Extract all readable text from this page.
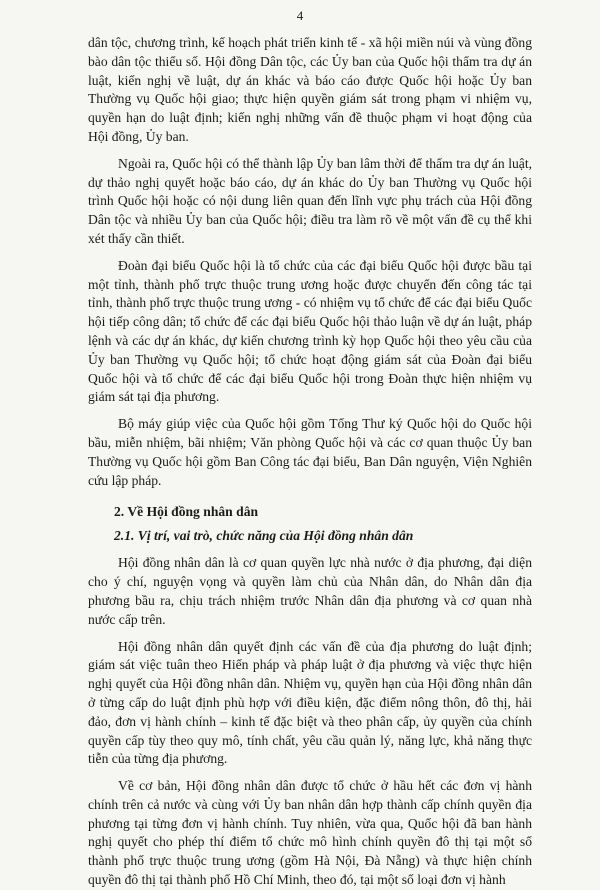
4

dân tộc, chương trình, kế hoạch phát triển kinh tế - xã hội miền núi và vùng đồng bào dân tộc thiểu số. Hội đồng Dân tộc, các Ủy ban của Quốc hội thẩm tra dự án luật, kiến nghị về luật, dự án khác và báo cáo được Quốc hội hoặc Ủy ban Thường vụ Quốc hội giao; thực hiện quyền giám sát trong phạm vi nhiệm vụ, quyền hạn do luật định; kiến nghị những vấn đề thuộc phạm vi hoạt động của Hội đồng, Ủy ban.

Ngoài ra, Quốc hội có thể thành lập Ủy ban lâm thời để thẩm tra dự án luật, dự thảo nghị quyết hoặc báo cáo, dự án khác do Ủy ban Thường vụ Quốc hội trình Quốc hội hoặc có nội dung liên quan đến lĩnh vực phụ trách của Hội đồng Dân tộc và nhiều Ủy ban của Quốc hội; điều tra làm rõ về một vấn đề cụ thể khi xét thấy cần thiết.

Đoàn đại biểu Quốc hội là tổ chức của các đại biểu Quốc hội được bầu tại một tỉnh, thành phố trực thuộc trung ương hoặc được chuyển đến công tác tại tỉnh, thành phố trực thuộc trung ương - có nhiệm vụ tổ chức để các đại biểu Quốc hội tiếp công dân; tổ chức để các đại biểu Quốc hội thảo luận về dự án luật, pháp lệnh và các dự án khác, dự kiến chương trình kỳ họp Quốc hội theo yêu cầu của Ủy ban Thường vụ Quốc hội; tổ chức hoạt động giám sát của Đoàn đại biểu Quốc hội và tổ chức để các đại biểu Quốc hội trong Đoàn thực hiện nhiệm vụ giám sát tại địa phương.

Bộ máy giúp việc của Quốc hội gồm Tổng Thư ký Quốc hội do Quốc hội bầu, miễn nhiệm, bãi nhiệm; Văn phòng Quốc hội và các cơ quan thuộc Ủy ban Thường vụ Quốc hội gồm Ban Công tác đại biểu, Ban Dân nguyện, Viện Nghiên cứu lập pháp.

2. Về Hội đồng nhân dân
2.1. Vị trí, vai trò, chức năng của Hội đồng nhân dân

Hội đồng nhân dân là cơ quan quyền lực nhà nước ở địa phương, đại diện cho ý chí, nguyện vọng và quyền làm chủ của Nhân dân, do Nhân dân địa phương bầu ra, chịu trách nhiệm trước Nhân dân địa phương và cơ quan nhà nước cấp trên.

Hội đồng nhân dân quyết định các vấn đề của địa phương do luật định; giám sát việc tuân theo Hiến pháp và pháp luật ở địa phương và việc thực hiện nghị quyết của Hội đồng nhân dân. Nhiệm vụ, quyền hạn của Hội đồng nhân dân ở từng cấp do luật định phù hợp với điều kiện, đặc điểm nông thôn, đô thị, hải đảo, đơn vị hành chính – kinh tế đặc biệt và theo phân cấp, ủy quyền của chính quyền cấp tùy theo quy mô, tính chất, yêu cầu quản lý, năng lực, khả năng thực tiễn của từng địa phương.

Về cơ bản, Hội đồng nhân dân được tổ chức ở hầu hết các đơn vị hành chính trên cả nước và cùng với Ủy ban nhân dân hợp thành cấp chính quyền địa phương tại từng đơn vị hành chính. Tuy nhiên, vừa qua, Quốc hội đã ban hành nghị quyết cho phép thí điểm tổ chức mô hình chính quyền đô thị tại một số thành phố trực thuộc trung ương (gồm Hà Nội, Đà Nẵng) và thực hiện chính quyền đô thị tại thành phố Hồ Chí Minh, theo đó, tại một số loại đơn vị hành
